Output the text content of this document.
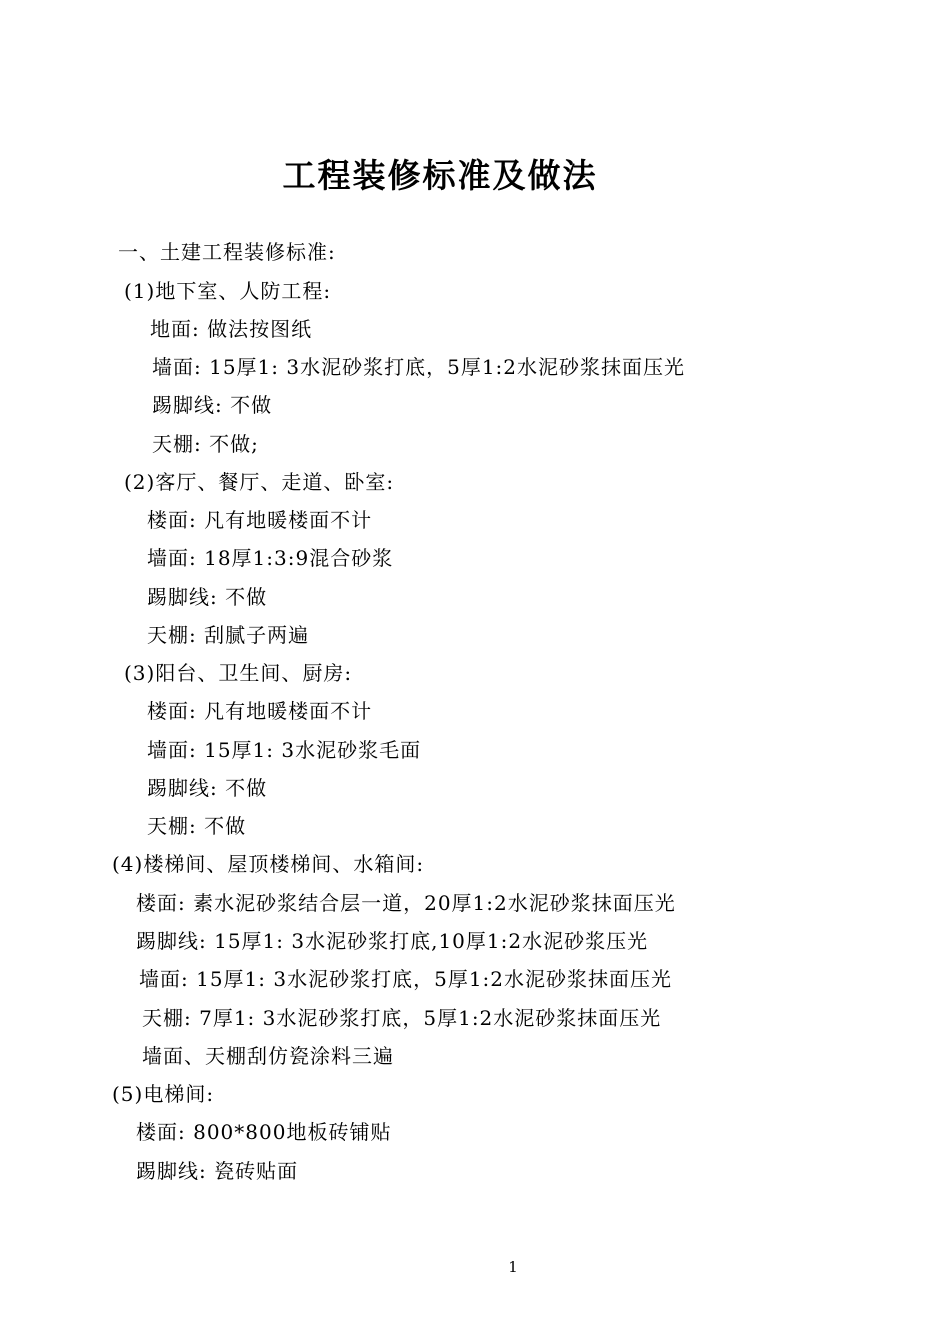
工程装修标准及做法
一、土建工程装修标准:
(1)地下室、人防工程:
地面: 做法按图纸
墙面: 15厚1: 3水泥砂浆打底，5厚1:2水泥砂浆抹面压光
踢脚线: 不做
天棚: 不做;
(2)客厅、餐厅、走道、卧室:
楼面: 凡有地暖楼面不计
墙面: 18厚1:3:9混合砂浆
踢脚线: 不做
天棚: 刮腻子两遍
(3)阳台、卫生间、厨房:
楼面: 凡有地暖楼面不计
墙面: 15厚1: 3水泥砂浆毛面
踢脚线: 不做
天棚: 不做
(4)楼梯间、屋顶楼梯间、水箱间:
楼面: 素水泥砂浆结合层一道，20厚1:2水泥砂浆抹面压光
踢脚线: 15厚1: 3水泥砂浆打底,10厚1:2水泥砂浆压光
墙面: 15厚1: 3水泥砂浆打底，5厚1:2水泥砂浆抹面压光
天棚: 7厚1: 3水泥砂浆打底，5厚1:2水泥砂浆抹面压光
墙面、天棚刮仿瓷涂料三遍
(5)电梯间:
楼面: 800*800地板砖铺贴
踢脚线: 瓷砖贴面
1
